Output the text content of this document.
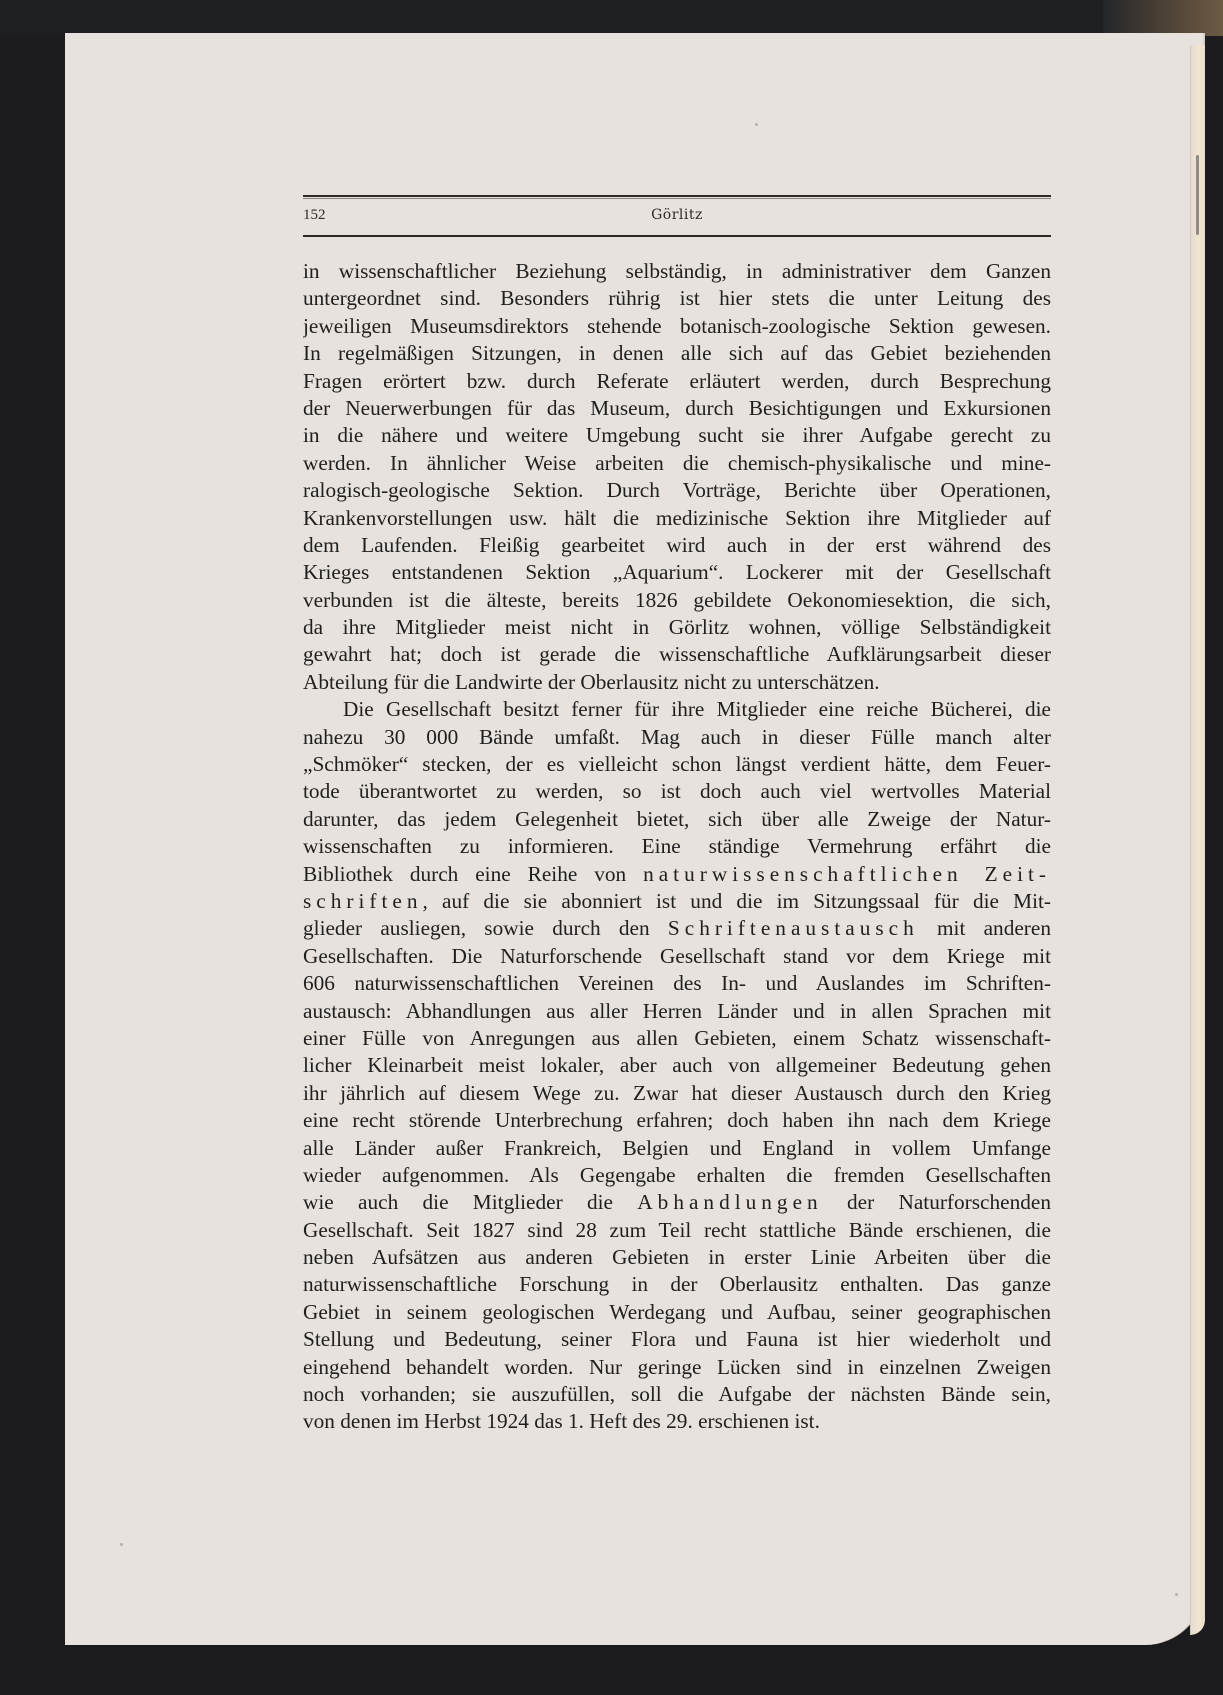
152	Görlitz
in wissenschaftlicher Beziehung selbständig, in administrativer dem Ganzen
untergeordnet sind. Besonders rührig ist hier stets die unter Leitung des
jeweiligen Museumsdirektors stehende botanisch-zoologische Sektion gewesen.
In regelmäßigen Sitzungen, in denen alle sich auf das Gebiet beziehenden
Fragen erörtert bzw. durch Referate erläutert werden, durch Besprechung
der Neuerwerbungen für das Museum, durch Besichtigungen und Exkursionen
in die nähere und weitere Umgebung sucht sie ihrer Aufgabe gerecht zu
werden. In ähnlicher Weise arbeiten die chemisch-physikalische und mine-
ralogisch-geologische Sektion. Durch Vorträge, Berichte über Operationen,
Krankenvorstellungen usw. hält die medizinische Sektion ihre Mitglieder auf
dem Laufenden. Fleißig gearbeitet wird auch in der erst während des
Krieges entstandenen Sektion „Aquarium“. Lockerer mit der Gesellschaft
verbunden ist die älteste, bereits 1826 gebildete Oekonomiesektion, die sich,
da ihre Mitglieder meist nicht in Görlitz wohnen, völlige Selbständigkeit
gewahrt hat; doch ist gerade die wissenschaftliche Aufklärungsarbeit dieser
Abteilung für die Landwirte der Oberlausitz nicht zu unterschätzen.
Die Gesellschaft besitzt ferner für ihre Mitglieder eine reiche Bücherei, die
nahezu 30 000 Bände umfaßt. Mag auch in dieser Fülle manch alter
„Schmöker“ stecken, der es vielleicht schon längst verdient hätte, dem Feuer-
tode überantwortet zu werden, so ist doch auch viel wertvolles Material
darunter, das jedem Gelegenheit bietet, sich über alle Zweige der Natur-
wissenschaften zu informieren. Eine ständige Vermehrung erfährt die
Bibliothek durch eine Reihe von naturwissenschaftlichen Zeit-
schriften, auf die sie abonniert ist und die im Sitzungssaal für die Mit-
glieder ausliegen, sowie durch den Schriftenaustausch mit anderen
Gesellschaften. Die Naturforschende Gesellschaft stand vor dem Kriege mit
606 naturwissenschaftlichen Vereinen des In- und Auslandes im Schriften-
austausch: Abhandlungen aus aller Herren Länder und in allen Sprachen mit
einer Fülle von Anregungen aus allen Gebieten, einem Schatz wissenschaft-
licher Kleinarbeit meist lokaler, aber auch von allgemeiner Bedeutung gehen
ihr jährlich auf diesem Wege zu. Zwar hat dieser Austausch durch den Krieg
eine recht störende Unterbrechung erfahren; doch haben ihn nach dem Kriege
alle Länder außer Frankreich, Belgien und England in vollem Umfange
wieder aufgenommen. Als Gegengabe erhalten die fremden Gesellschaften
wie auch die Mitglieder die Abhandlungen der Naturforschenden
Gesellschaft. Seit 1827 sind 28 zum Teil recht stattliche Bände erschienen, die
neben Aufsätzen aus anderen Gebieten in erster Linie Arbeiten über die
naturwissenschaftliche Forschung in der Oberlausitz enthalten. Das ganze
Gebiet in seinem geologischen Werdegang und Aufbau, seiner geographischen
Stellung und Bedeutung, seiner Flora und Fauna ist hier wiederholt und
eingehend behandelt worden. Nur geringe Lücken sind in einzelnen Zweigen
noch vorhanden; sie auszufüllen, soll die Aufgabe der nächsten Bände sein,
von denen im Herbst 1924 das 1. Heft des 29. erschienen ist.
